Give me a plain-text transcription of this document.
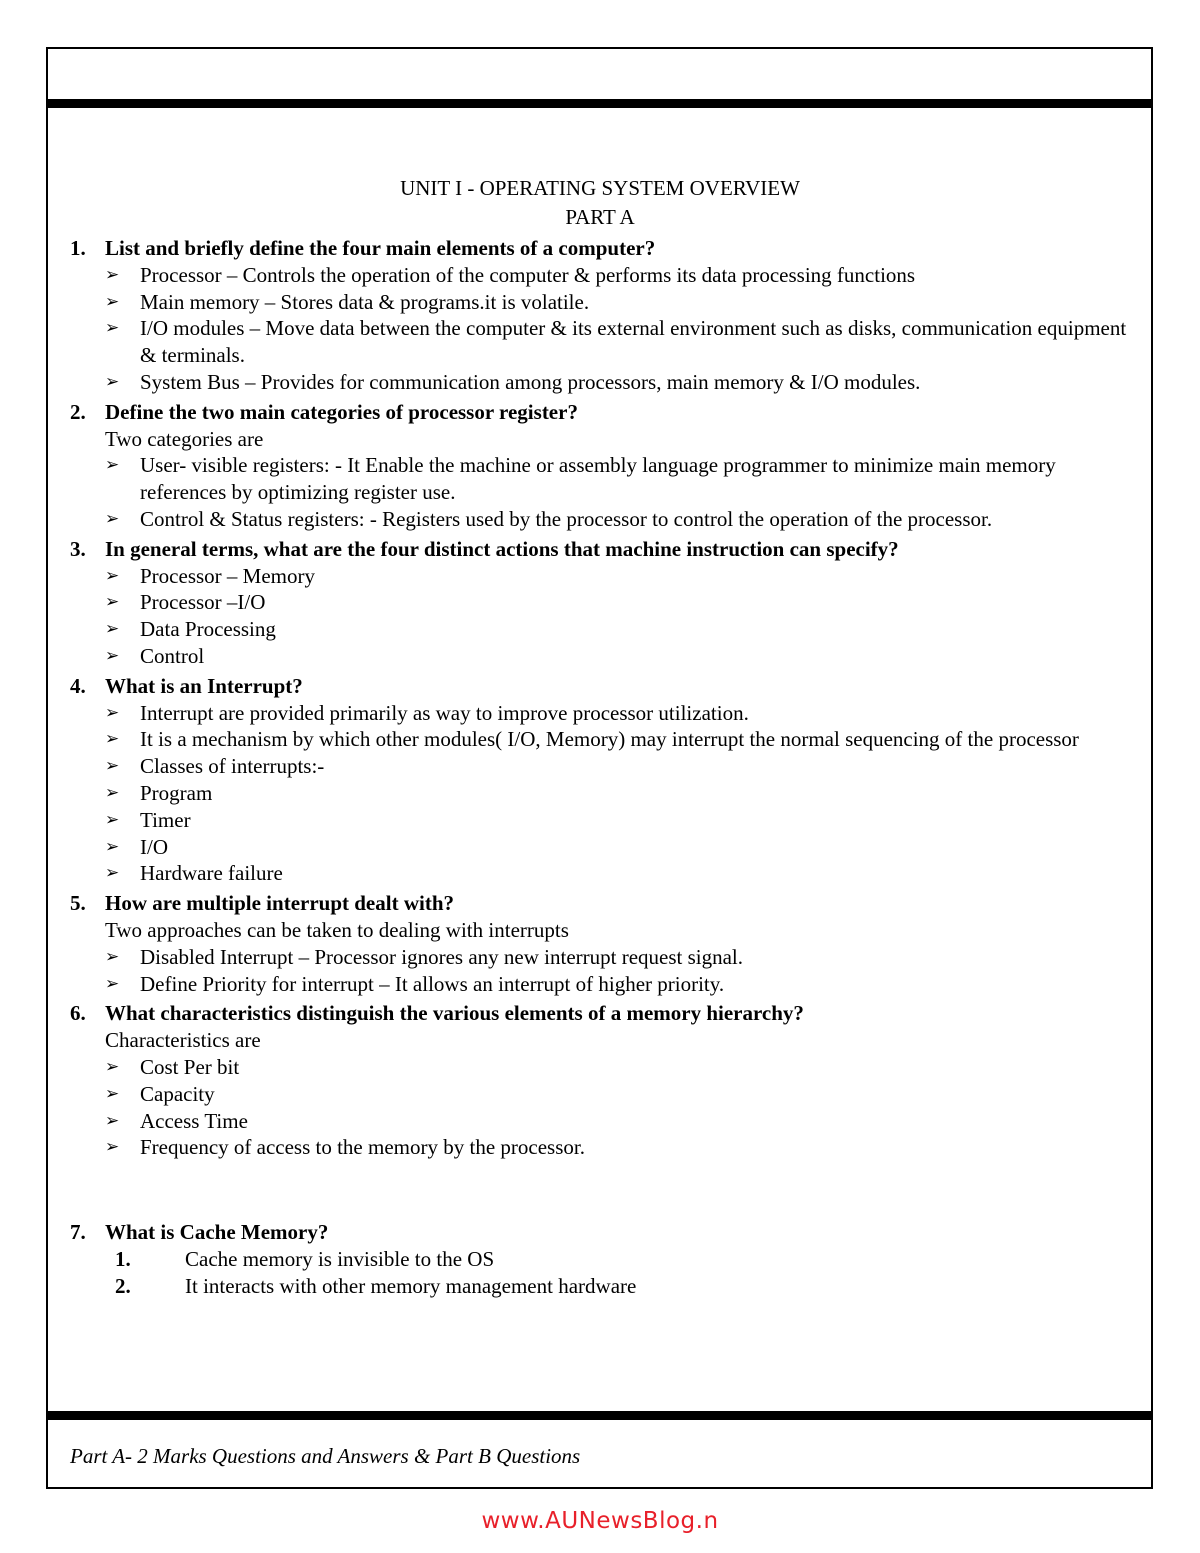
UNIT I - OPERATING SYSTEM OVERVIEW
PART A
1. List and briefly define the four main elements of a computer?
➢ Processor – Controls the operation of the computer & performs its data processing functions
➢ Main memory – Stores data & programs.it is volatile.
➢ I/O modules – Move data between the computer & its external environment such as disks, communication equipment & terminals.
➢ System Bus – Provides for communication among processors, main memory & I/O modules.
2. Define the two main categories of processor register?
Two categories are
➢ User- visible registers: - It Enable the machine or assembly language programmer to minimize main memory references by optimizing register use.
➢ Control & Status registers: - Registers used by the processor to control the operation of the processor.
3. In general terms, what are the four distinct actions that machine instruction can specify?
➢ Processor – Memory
➢ Processor –I/O
➢ Data Processing
➢ Control
4. What is an Interrupt?
➢ Interrupt are provided primarily as way to improve processor utilization.
➢ It is a mechanism by which other modules( I/O, Memory) may interrupt the normal sequencing of the processor
➢ Classes of interrupts:-
➢ Program
➢ Timer
➢ I/O
➢ Hardware failure
5. How are multiple interrupt dealt with?
Two approaches can be taken to dealing with interrupts
➢ Disabled Interrupt – Processor ignores any new interrupt request signal.
➢ Define Priority for interrupt – It allows an interrupt of higher priority.
6. What characteristics distinguish the various elements of a memory hierarchy?
Characteristics are
➢ Cost Per bit
➢ Capacity
➢ Access Time
➢ Frequency of access to the memory by the processor.
7. What is Cache Memory?
1.	Cache memory is invisible to the OS
2.	It interacts with other memory management hardware
Part A- 2 Marks Questions and Answers & Part B Questions
www.AUNewsBlog.n
